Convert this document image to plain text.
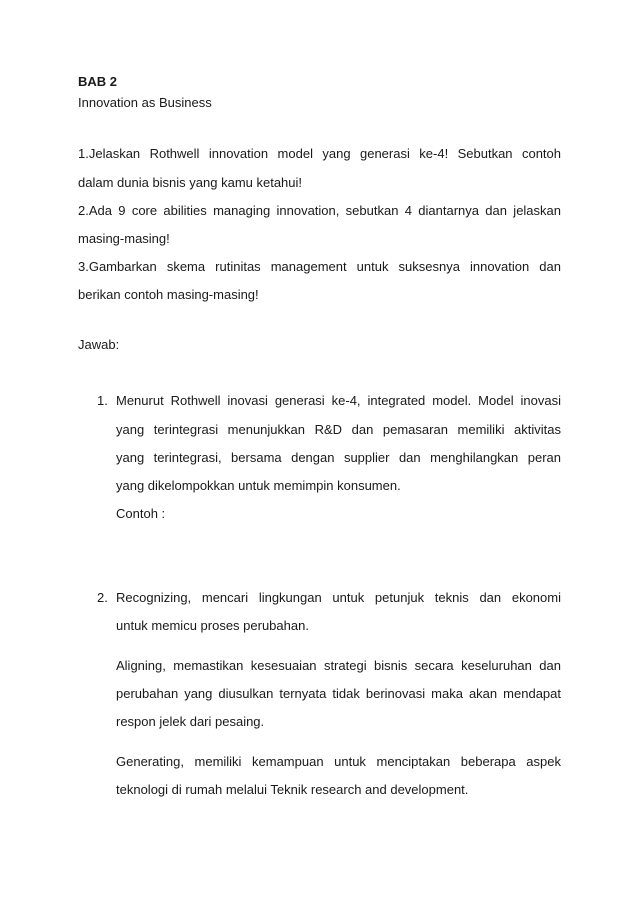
BAB 2
Innovation as Business
1.Jelaskan Rothwell innovation model yang generasi ke-4! Sebutkan contoh
dalam dunia bisnis yang kamu ketahui!
2.Ada 9 core abilities managing innovation, sebutkan 4 diantarnya dan jelaskan
masing-masing!
3.Gambarkan skema rutinitas management untuk suksesnya innovation dan
berikan contoh masing-masing!
Jawab:
1. Menurut Rothwell inovasi generasi ke-4, integrated model. Model inovasi
yang terintegrasi menunjukkan R&D dan pemasaran memiliki aktivitas
yang terintegrasi, bersama dengan supplier dan menghilangkan peran
yang dikelompokkan untuk memimpin konsumen.
Contoh :
2. Recognizing, mencari lingkungan untuk petunjuk teknis dan ekonomi
untuk memicu proses perubahan.
Aligning, memastikan kesesuaian strategi bisnis secara keseluruhan dan
perubahan yang diusulkan ternyata tidak berinovasi maka akan mendapat
respon jelek dari pesaing.
Generating, memiliki kemampuan untuk menciptakan beberapa aspek
teknologi di rumah melalui Teknik research and development.
